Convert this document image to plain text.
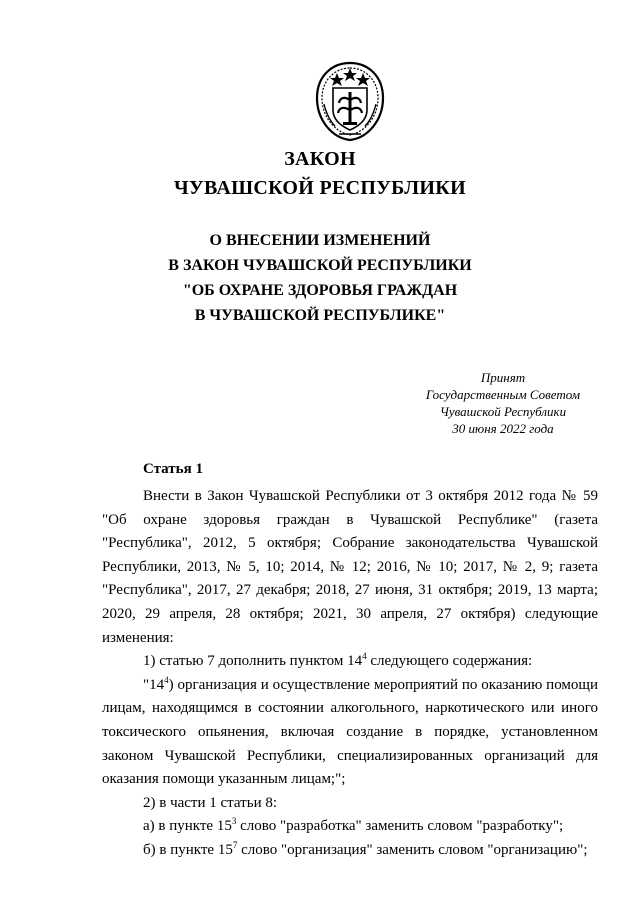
ЗАКОН
ЧУВАШСКОЙ РЕСПУБЛИКИ
О ВНЕСЕНИИ ИЗМЕНЕНИЙ
В ЗАКОН ЧУВАШСКОЙ РЕСПУБЛИКИ
"ОБ ОХРАНЕ ЗДОРОВЬЯ ГРАЖДАН
В ЧУВАШСКОЙ РЕСПУБЛИКЕ"
Принят
Государственным Советом
Чувашской Республики
30 июня 2022 года
Статья 1

Внести в Закон Чувашской Республики от 3 октября 2012 года № 59 "Об охране здоровья граждан в Чувашской Республике" (газета "Республика", 2012, 5 октября; Собрание законодательства Чувашской Республики, 2013, № 5, 10; 2014, № 12; 2016, № 10; 2017, № 2, 9; газета "Республика", 2017, 27 декабря; 2018, 27 июня, 31 октября; 2019, 13 марта; 2020, 29 апреля, 28 октября; 2021, 30 апреля, 27 октября) следующие изменения:

1) статью 7 дополнить пунктом $14^4$ следующего содержания:

"$14^4$) организация и осуществление мероприятий по оказанию помощи лицам, находящимся в состоянии алкогольного, наркотического или иного токсического опьянения, включая создание в порядке, установленном законом Чувашской Республики, специализированных организаций для оказания помощи указанным лицам;";

2) в части 1 статьи 8:

а) в пункте $15^3$ слово "разработка" заменить словом "разработку";

б) в пункте $15^7$ слово "организация" заменить словом "организацию";
